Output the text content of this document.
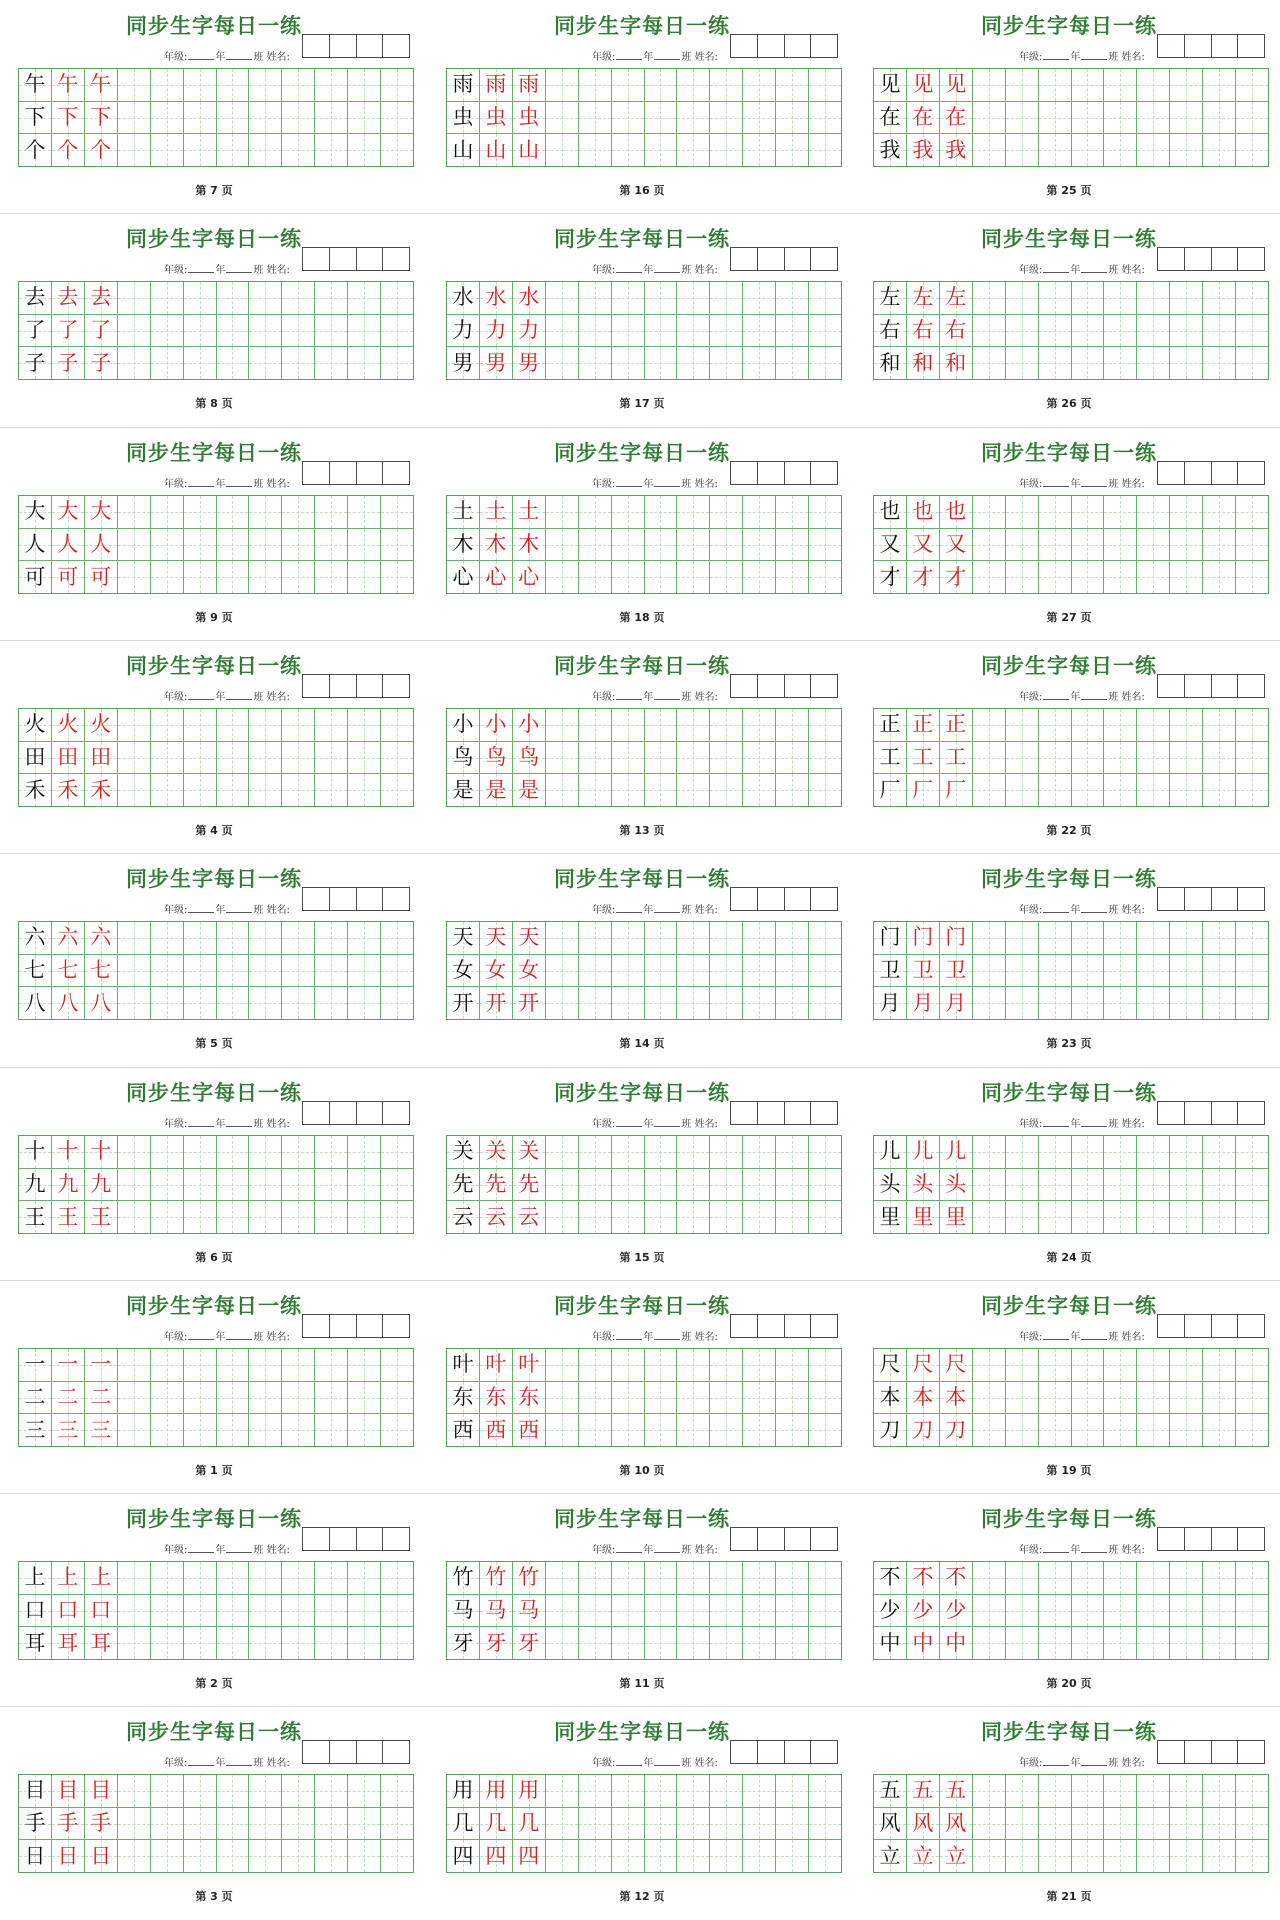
同步生字每日一练
年级:	年	班 姓名:
午 午 午
下 下 下
个 个 个
第 7 页
同步生字每日一练
年级:	年	班 姓名:
雨 雨 雨
虫 虫 虫
山 山 山
第 16 页
同步生字每日一练
年级:	年	班 姓名:
见 见 见
在 在 在
我 我 我
第 25 页
同步生字每日一练
年级:	年	班 姓名:
去 去 去
了 了 了
子 子 子
第 8 页
同步生字每日一练
年级:	年	班 姓名:
水 水 水
力 力 力
男 男 男
第 17 页
同步生字每日一练
年级:	年	班 姓名:
左 左 左
右 右 右
和 和 和
第 26 页
同步生字每日一练
年级:	年	班 姓名:
大 大 大
人 人 人
可 可 可
第 9 页
同步生字每日一练
年级:	年	班 姓名:
土 土 土
木 木 木
心 心 心
第 18 页
同步生字每日一练
年级:	年	班 姓名:
也 也 也
又 又 又
才 才 才
第 27 页
同步生字每日一练
年级:	年	班 姓名:
火 火 火
田 田 田
禾 禾 禾
第 4 页
同步生字每日一练
年级:	年	班 姓名:
小 小 小
鸟 鸟 鸟
是 是 是
第 13 页
同步生字每日一练
年级:	年	班 姓名:
正 正 正
工 工 工
厂 厂 厂
第 22 页
同步生字每日一练
年级:	年	班 姓名:
六 六 六
七 七 七
八 八 八
第 5 页
同步生字每日一练
年级:	年	班 姓名:
天 天 天
女 女 女
开 开 开
第 14 页
同步生字每日一练
年级:	年	班 姓名:
门 门 门
卫 卫 卫
月 月 月
第 23 页
同步生字每日一练
年级:	年	班 姓名:
十 十 十
九 九 九
王 王 王
第 6 页
同步生字每日一练
年级:	年	班 姓名:
关 关 关
先 先 先
云 云 云
第 15 页
同步生字每日一练
年级:	年	班 姓名:
儿 儿 儿
头 头 头
里 里 里
第 24 页
同步生字每日一练
年级:	年	班 姓名:
一 一 一
二 二 二
三 三 三
第 1 页
同步生字每日一练
年级:	年	班 姓名:
叶 叶 叶
东 东 东
西 西 西
第 10 页
同步生字每日一练
年级:	年	班 姓名:
尺 尺 尺
本 本 本
刀 刀 刀
第 19 页
同步生字每日一练
年级:	年	班 姓名:
上 上 上
口 口 口
耳 耳 耳
第 2 页
同步生字每日一练
年级:	年	班 姓名:
竹 竹 竹
马 马 马
牙 牙 牙
第 11 页
同步生字每日一练
年级:	年	班 姓名:
不 不 不
少 少 少
中 中 中
第 20 页
同步生字每日一练
年级:	年	班 姓名:
目 目 目
手 手 手
日 日 日
第 3 页
同步生字每日一练
年级:	年	班 姓名:
用 用 用
几 几 几
四 四 四
第 12 页
同步生字每日一练
年级:	年	班 姓名:
五 五 五
风 风 风
立 立 立
第 21 页
